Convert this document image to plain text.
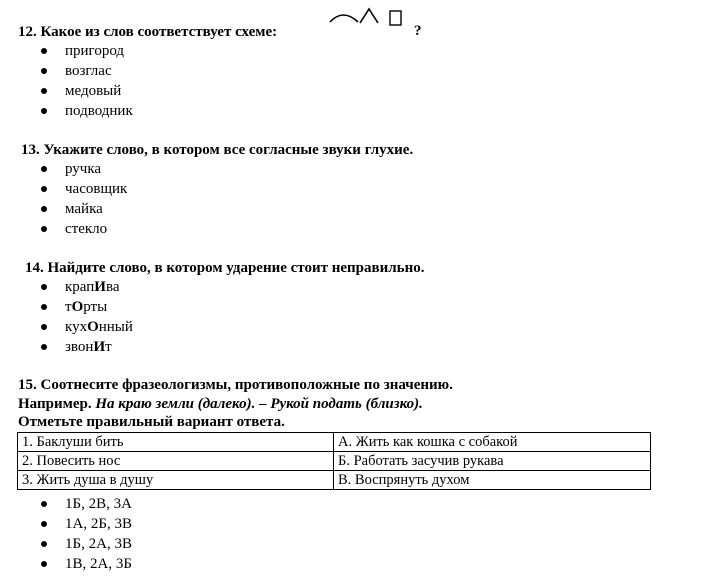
12. Какое из слов соответствует схеме:	?
пригород
возглас
медовый
подводник
13. Укажите слово, в котором все согласные звуки глухие.
ручка
часовщик
майка
стекло
14. Найдите слово, в котором ударение стоит неправильно.
крапИва
тОрты
кухОнный
звонИт
15. Соотнесите фразеологизмы, противоположные по значению.
Например. На краю земли (далеко). – Рукой подать (близко).
Отметьте правильный вариант ответа.
1. Баклуши бить	А. Жить как кошка с собакой
2. Повесить нос	Б. Работать засучив рукава
3. Жить душа в душу	В. Воспрянуть духом
1Б, 2В, 3А
1А, 2Б, 3В
1Б, 2А, 3В
1В, 2А, 3Б
